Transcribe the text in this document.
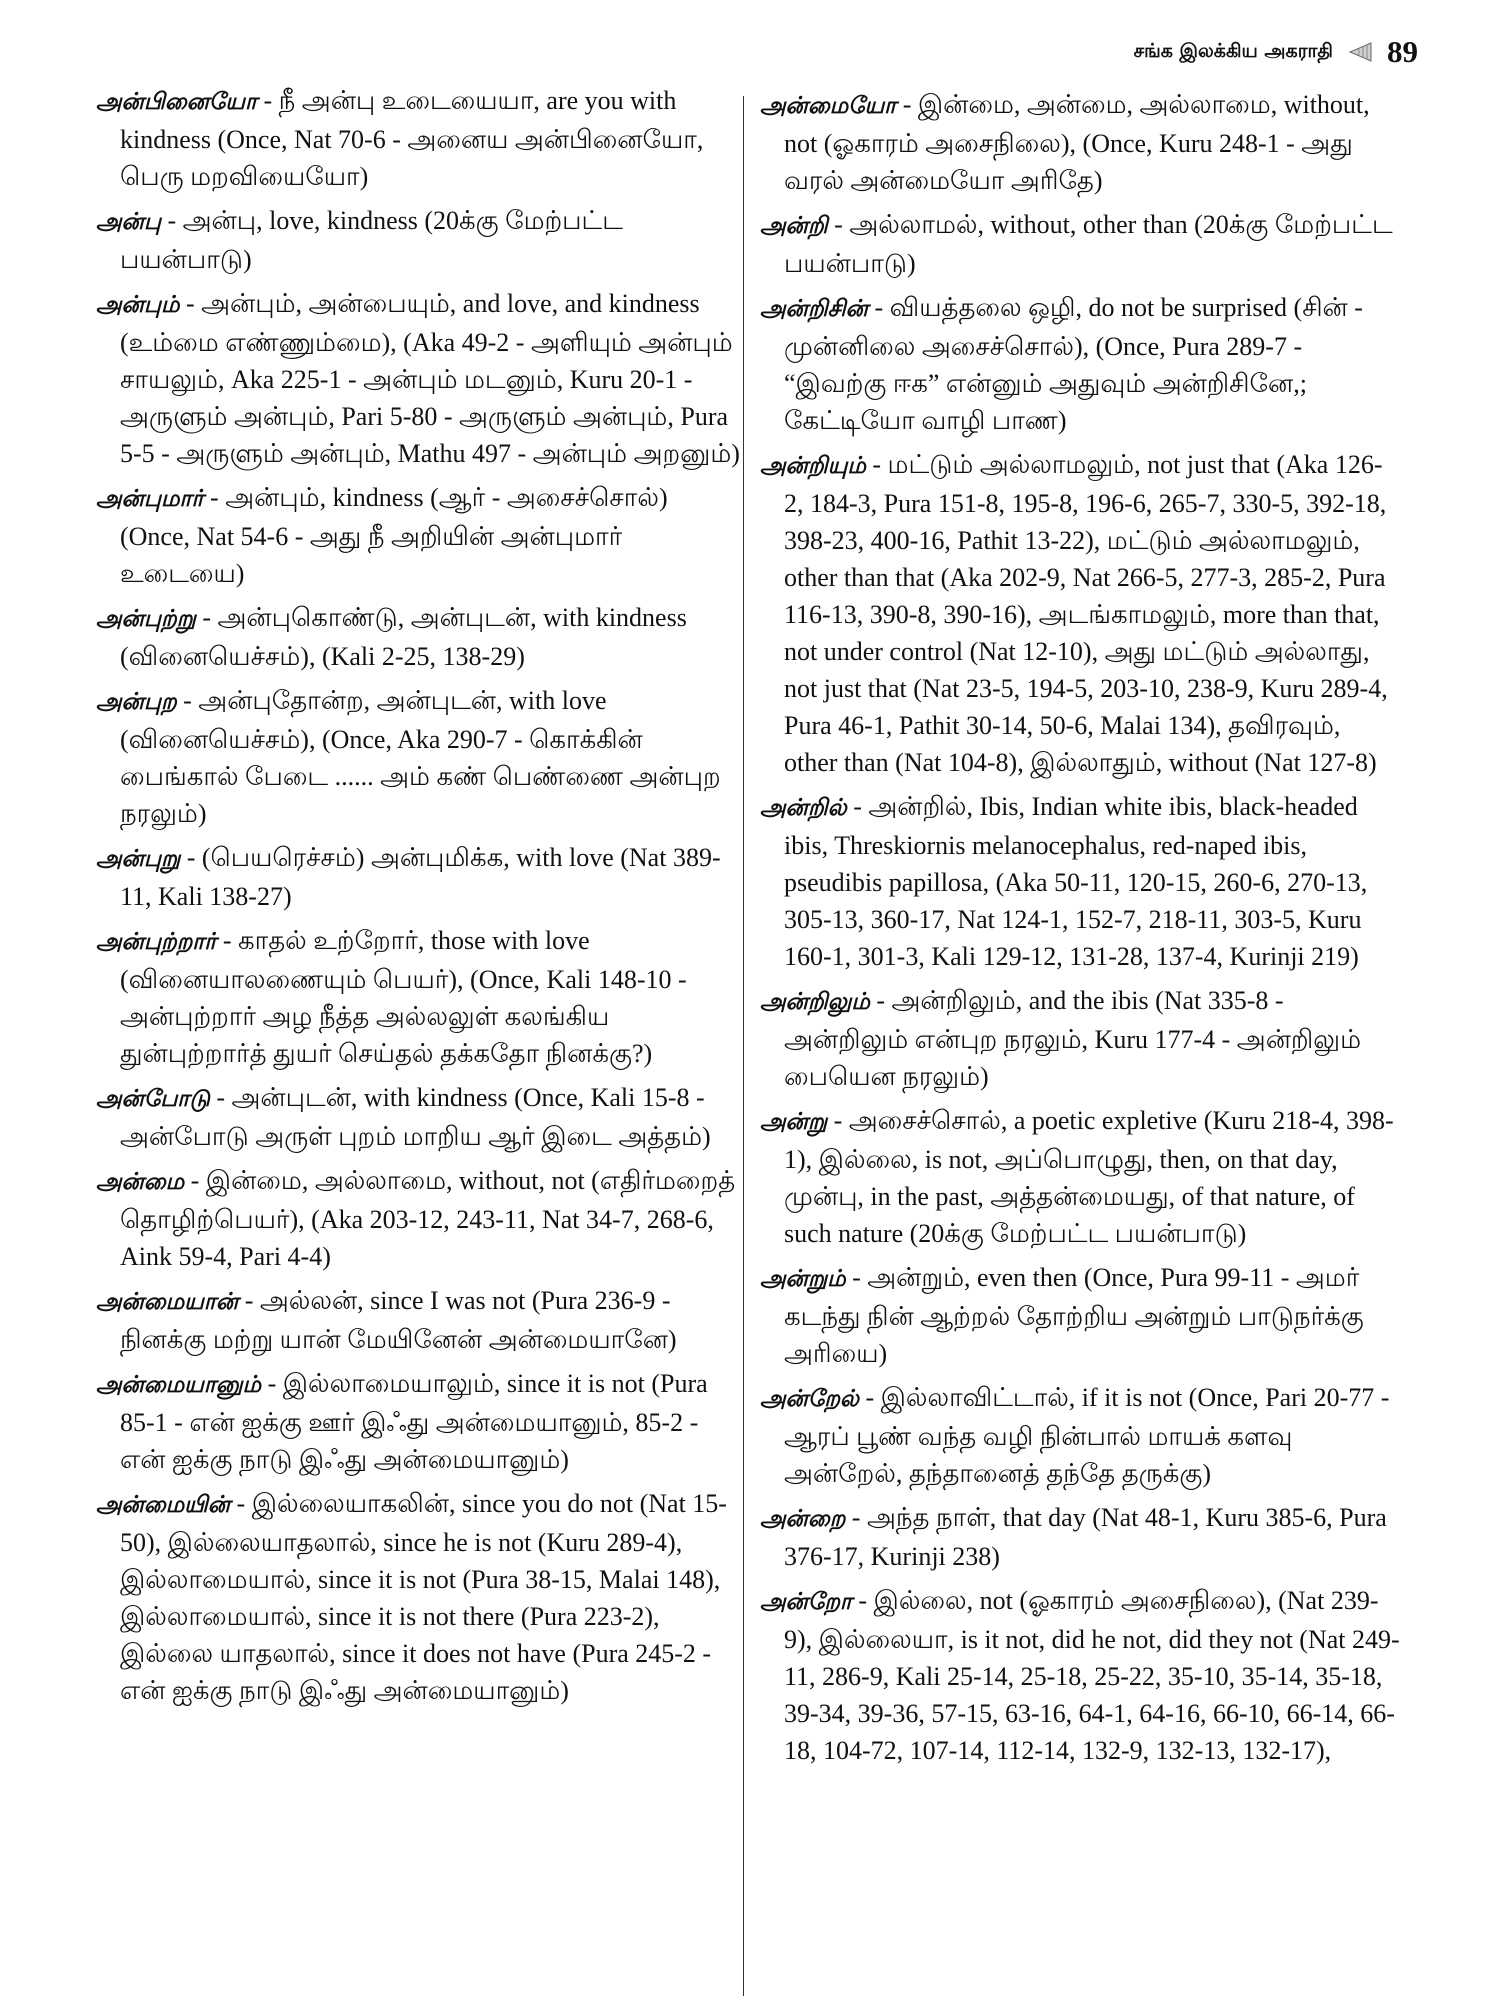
சங்க இலக்கிய அகராதி 89

அன்பினையோ - நீ அன்பு உடையையா, are you with kindness (Once, Nat 70-6 - அனைய அன்பினையோ, பெரு மறவியையோ)

அன்பு - அன்பு, love, kindness (20க்கு மேற்பட்ட பயன்பாடு)

அன்பும் - அன்பும், அன்பையும், and love, and kindness (உம்மை எண்ணும்மை), (Aka 49-2 - அளியும் அன்பும் சாயலும், Aka 225-1 - அன்பும் மடனும், Kuru 20-1 - அருளும் அன்பும், Pari 5-80 - அருளும் அன்பும், Pura 5-5 - அருளும் அன்பும், Mathu 497 - அன்பும் அறனும்)

அன்புமார் - அன்பும், kindness (ஆர் - அசைச்சொல்) (Once, Nat 54-6 - அது நீ அறியின் அன்புமார் உடையை)

அன்புற்று - அன்புகொண்டு, அன்புடன், with kindness (வினையெச்சம்), (Kali 2-25, 138-29)

அன்புற - அன்புதோன்ற, அன்புடன், with love (வினையெச்சம்), (Once, Aka 290-7 - கொக்கின் பைங்கால் பேடை ...... அம் கண் பெண்ணை அன்புற நரலும்)

அன்புறு - (பெயரெச்சம்) அன்புமிக்க, with love (Nat 389-11, Kali 138-27)

அன்புற்றார் - காதல் உற்றோர், those with love (வினையாலணையும் பெயர்), (Once, Kali 148-10 - அன்புற்றார் அழ நீத்த அல்லலுள் கலங்கிய துன்புற்றார்த் துயர் செய்தல் தக்கதோ நினக்கு?)

அன்போடு - அன்புடன், with kindness (Once, Kali 15-8 - அன்போடு அருள் புறம் மாறிய ஆர் இடை அத்தம்)

அன்மை - இன்மை, அல்லாமை, without, not (எதிர்மறைத் தொழிற்பெயர்), (Aka 203-12, 243-11, Nat 34-7, 268-6, Aink 59-4, Pari 4-4)

அன்மையான் - அல்லன், since I was not (Pura 236-9 - நினக்கு மற்று யான் மேயினேன் அன்மையானே)

அன்மையானும் - இல்லாமையாலும், since it is not (Pura 85-1 - என் ஐக்கு ஊர் இஃது அன்மையானும், 85-2 - என் ஐக்கு நாடு இஃது அன்மையானும்)

அன்மையின் - இல்லையாகலின், since you do not (Nat 15-50), இல்லையாதலால், since he is not (Kuru 289-4), இல்லாமையால், since it is not (Pura 38-15, Malai 148), இல்லாமையால், since it is not there (Pura 223-2), இல்லை யாதலால், since it does not have (Pura 245-2 - என் ஐக்கு நாடு இஃது அன்மையானும்)

அன்மையோ - இன்மை, அன்மை, அல்லாமை, without, not (ஓகாரம் அசைநிலை), (Once, Kuru 248-1 - அது வரல் அன்மையோ அரிதே)

அன்றி - அல்லாமல், without, other than (20க்கு மேற்பட்ட பயன்பாடு)

அன்றிசின் - வியத்தலை ஒழி, do not be surprised (சின் - முன்னிலை அசைச்சொல்), (Once, Pura 289-7 - “இவற்கு ஈக” என்னும் அதுவும் அன்றிசினே,; கேட்டியோ வாழி பாண)

அன்றியும் - மட்டும் அல்லாமலும், not just that (Aka 126-2, 184-3, Pura 151-8, 195-8, 196-6, 265-7, 330-5, 392-18, 398-23, 400-16, Pathit 13-22), மட்டும் அல்லாமலும், other than that (Aka 202-9, Nat 266-5, 277-3, 285-2, Pura 116-13, 390-8, 390-16), அடங்காமலும், more than that, not under control (Nat 12-10), அது மட்டும் அல்லாது, not just that (Nat 23-5, 194-5, 203-10, 238-9, Kuru 289-4, Pura 46-1, Pathit 30-14, 50-6, Malai 134), தவிரவும், other than (Nat 104-8), இல்லாதும், without (Nat 127-8)

அன்றில் - அன்றில், Ibis, Indian white ibis, black-headed ibis, Threskiornis melanocephalus, red-naped ibis, pseudibis papillosa, (Aka 50-11, 120-15, 260-6, 270-13, 305-13, 360-17, Nat 124-1, 152-7, 218-11, 303-5, Kuru 160-1, 301-3, Kali 129-12, 131-28, 137-4, Kurinji 219)

அன்றிலும் - அன்றிலும், and the ibis (Nat 335-8 - அன்றிலும் என்புற நரலும், Kuru 177-4 - அன்றிலும் பையென நரலும்)

அன்று - அசைச்சொல், a poetic expletive (Kuru 218-4, 398-1), இல்லை, is not, அப்பொழுது, then, on that day, முன்பு, in the past, அத்தன்மையது, of that nature, of such nature (20க்கு மேற்பட்ட பயன்பாடு)

அன்றும் - அன்றும், even then (Once, Pura 99-11 - அமர் கடந்து நின் ஆற்றல் தோற்றிய அன்றும் பாடுநர்க்கு அரியை)

அன்றேல் - இல்லாவிட்டால், if it is not (Once, Pari 20-77 - ஆரப் பூண் வந்த வழி நின்பால் மாயக் களவு அன்றேல், தந்தானைத் தந்தே தருக்கு)

அன்றை - அந்த நாள், that day (Nat 48-1, Kuru 385-6, Pura 376-17, Kurinji 238)

அன்றோ - இல்லை, not (ஓகாரம் அசைநிலை), (Nat 239-9), இல்லையா, is it not, did he not, did they not (Nat 249-11, 286-9, Kali 25-14, 25-18, 25-22, 35-10, 35-14, 35-18, 39-34, 39-36, 57-15, 63-16, 64-1, 64-16, 66-10, 66-14, 66-18, 104-72, 107-14, 112-14, 132-9, 132-13, 132-17),
